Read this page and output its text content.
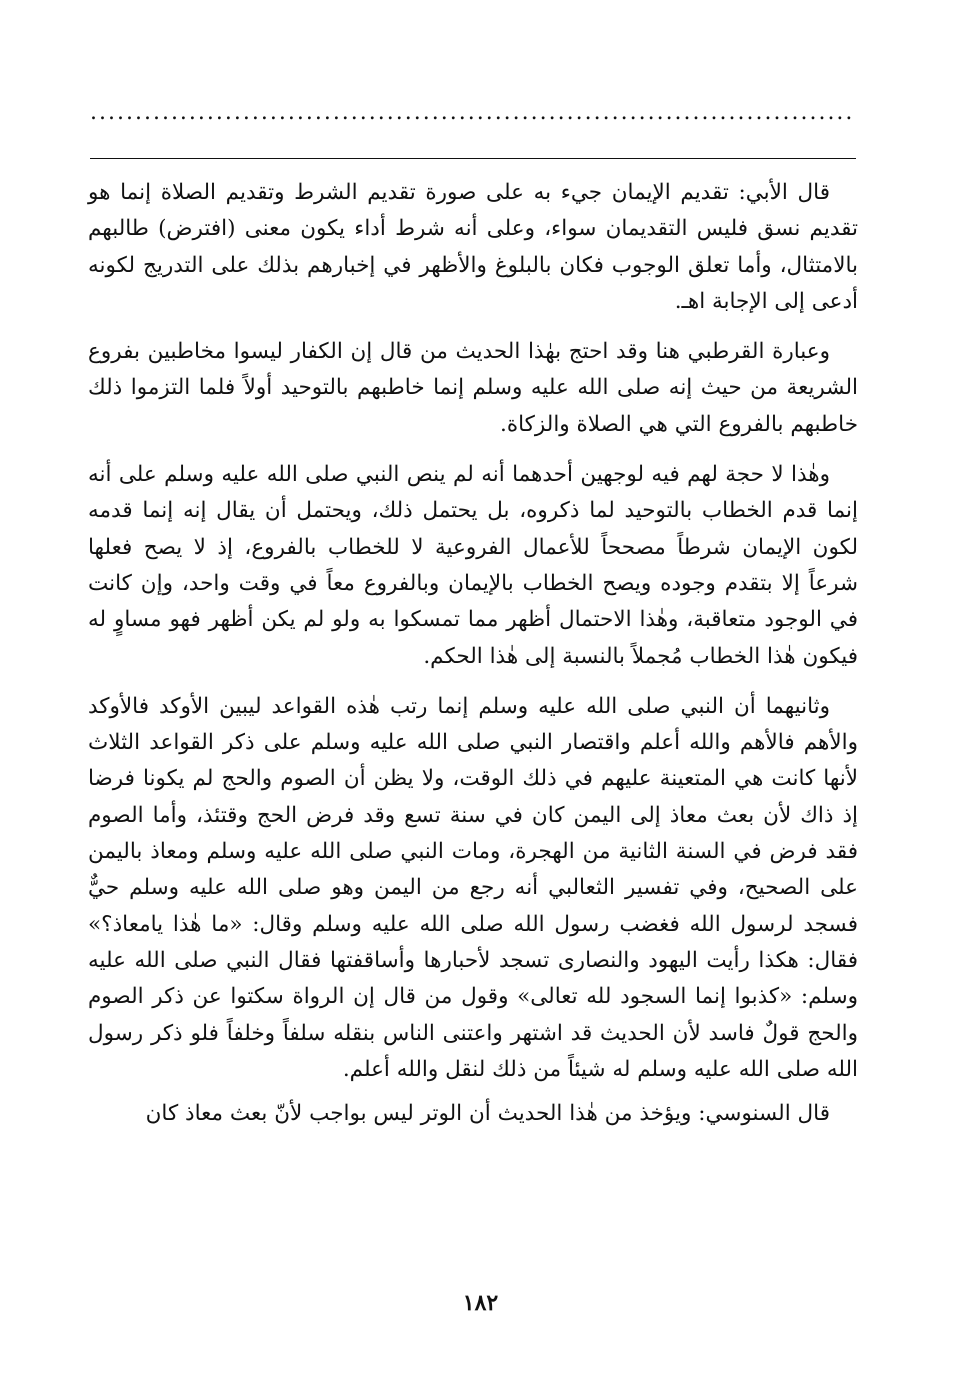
.....................................................................................

قال الأبي: تقديم الإيمان جيء به على صورة تقديم الشرط وتقديم الصلاة إنما هو تقديم نسق فليس التقديمان سواء، وعلى أنه شرط أداء يكون معنى (افترض) طالبهم بالامتثال، وأما تعلق الوجوب فكان بالبلوغ والأظهر في إخبارهم بذلك على التدريج لكونه أدعى إلى الإجابة اهـ.

وعبارة القرطبي هنا وقد احتج بهٰذا الحديث من قال إن الكفار ليسوا مخاطبين بفروع الشريعة من حيث إنه صلى الله عليه وسلم إنما خاطبهم بالتوحيد أولاً فلما التزموا ذلك خاطبهم بالفروع التي هي الصلاة والزكاة.

وهٰذا لا حجة لهم فيه لوجهين أحدهما أنه لم ينص النبي صلى الله عليه وسلم على أنه إنما قدم الخطاب بالتوحيد لما ذكروه، بل يحتمل ذلك، ويحتمل أن يقال إنه إنما قدمه لكون الإيمان شرطاً مصححاً للأعمال الفروعية لا للخطاب بالفروع، إذ لا يصح فعلها شرعاً إلا بتقدم وجوده ويصح الخطاب بالإيمان وبالفروع معاً في وقت واحد، وإن كانت في الوجود متعاقبة، وهٰذا الاحتمال أظهر مما تمسكوا به ولو لم يكن أظهر فهو مساوٍ له فيكون هٰذا الخطاب مُجملاً بالنسبة إلى هٰذا الحكم.

وثانيهما أن النبي صلى الله عليه وسلم إنما رتب هٰذه القواعد ليبين الأوكد فالأوكد والأهم فالأهم والله أعلم واقتصار النبي صلى الله عليه وسلم على ذكر القواعد الثلاث لأنها كانت هي المتعينة عليهم في ذلك الوقت، ولا يظن أن الصوم والحج لم يكونا فرضا إذ ذاك لأن بعث معاذ إلى اليمن كان في سنة تسع وقد فرض الحج وقتئذ، وأما الصوم فقد فرض في السنة الثانية من الهجرة، ومات النبي صلى الله عليه وسلم ومعاذ باليمن على الصحيح، وفي تفسير الثعالبي أنه رجع من اليمن وهو صلى الله عليه وسلم حيٌّ فسجد لرسول الله فغضب رسول الله صلى الله عليه وسلم وقال: «ما هٰذا يامعاذ؟» فقال: هكذا رأيت اليهود والنصارى تسجد لأحبارها وأساقفتها فقال النبي صلى الله عليه وسلم: «كذبوا إنما السجود لله تعالى» وقول من قال إن الرواة سكتوا عن ذكر الصوم والحج قولٌ فاسد لأن الحديث قد اشتهر واعتنى الناس بنقله سلفاً وخلفاً فلو ذكر رسول الله صلى الله عليه وسلم له شيئاً من ذلك لنقل والله أعلم.

قال السنوسي: ويؤخذ من هٰذا الحديث أن الوتر ليس بواجب لأنّ بعث معاذ كان

١٨٢
